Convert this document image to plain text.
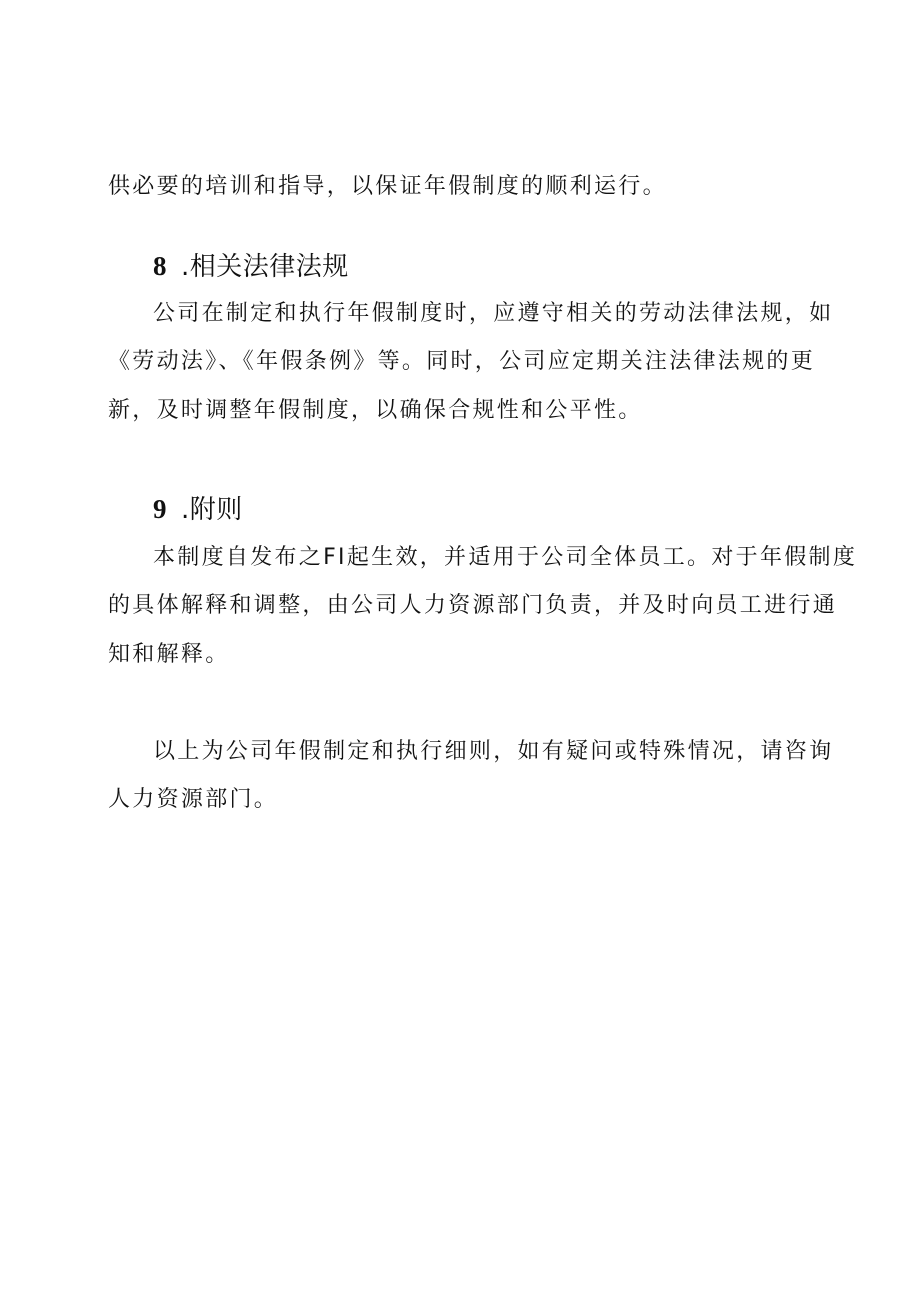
供必要的培训和指导，以保证年假制度的顺利运行。
8 .相关法律法规
公司在制定和执行年假制度时，应遵守相关的劳动法律法规，如
《劳动法》、《年假条例》等。同时，公司应定期关注法律法规的更
新，及时调整年假制度，以确保合规性和公平性。
9 .附则
本制度自发布之FI起生效，并适用于公司全体员工。对于年假制度
的具体解释和调整，由公司人力资源部门负责，并及时向员工进行通
知和解释。
以上为公司年假制定和执行细则，如有疑问或特殊情况，请咨询
人力资源部门。
